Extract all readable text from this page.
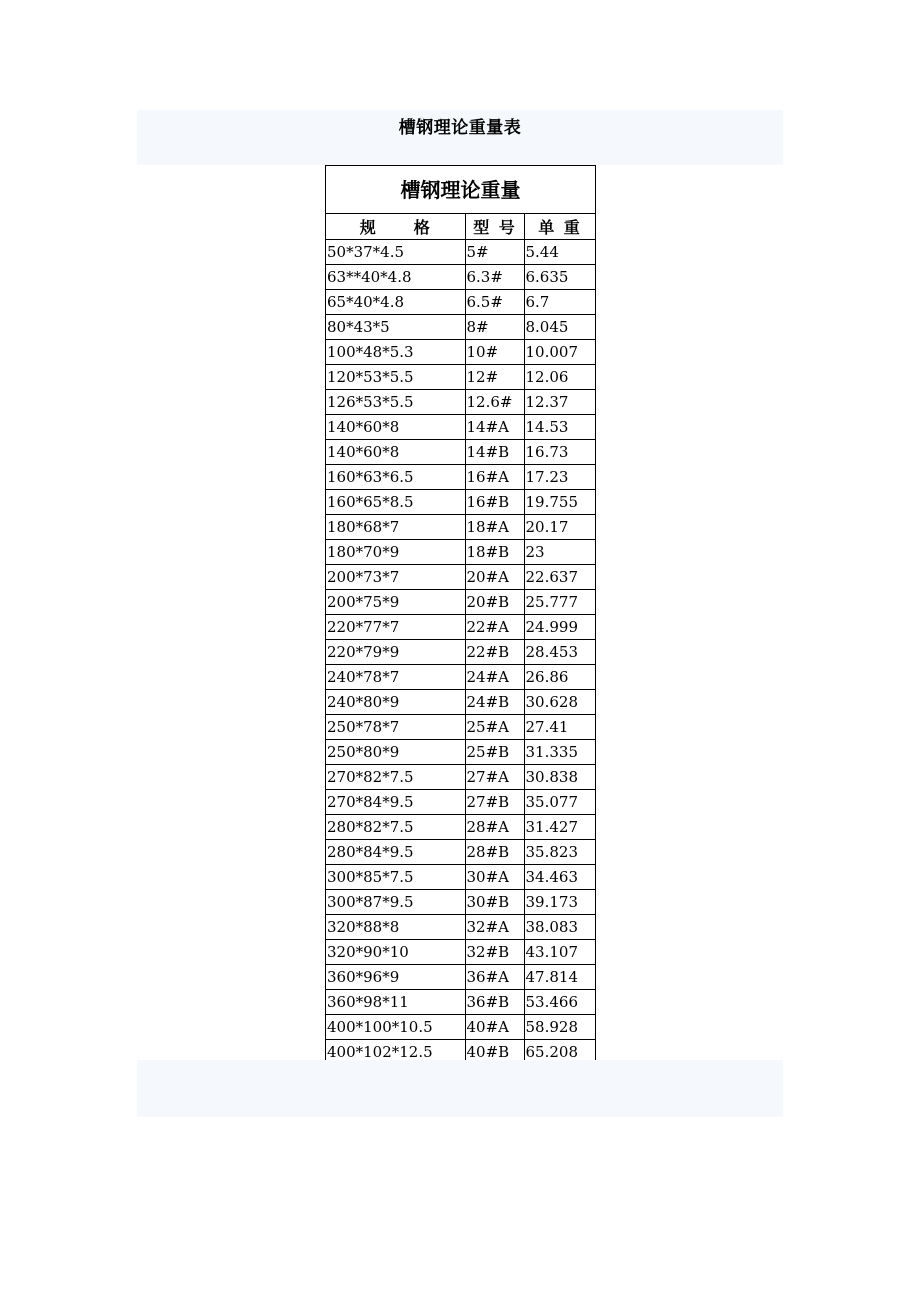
槽钢理论重量表
槽钢理论重量
规　　格	型 号	单 重
50*37*4.5	5#	5.44
63**40*4.8	6.3#	6.635
65*40*4.8	6.5#	6.7
80*43*5	8#	8.045
100*48*5.3	10#	10.007
120*53*5.5	12#	12.06
126*53*5.5	12.6#	12.37
140*60*8	14#A	14.53
140*60*8	14#B	16.73
160*63*6.5	16#A	17.23
160*65*8.5	16#B	19.755
180*68*7	18#A	20.17
180*70*9	18#B	23
200*73*7	20#A	22.637
200*75*9	20#B	25.777
220*77*7	22#A	24.999
220*79*9	22#B	28.453
240*78*7	24#A	26.86
240*80*9	24#B	30.628
250*78*7	25#A	27.41
250*80*9	25#B	31.335
270*82*7.5	27#A	30.838
270*84*9.5	27#B	35.077
280*82*7.5	28#A	31.427
280*84*9.5	28#B	35.823
300*85*7.5	30#A	34.463
300*87*9.5	30#B	39.173
320*88*8	32#A	38.083
320*90*10	32#B	43.107
360*96*9	36#A	47.814
360*98*11	36#B	53.466
400*100*10.5	40#A	58.928
400*102*12.5	40#B	65.208
